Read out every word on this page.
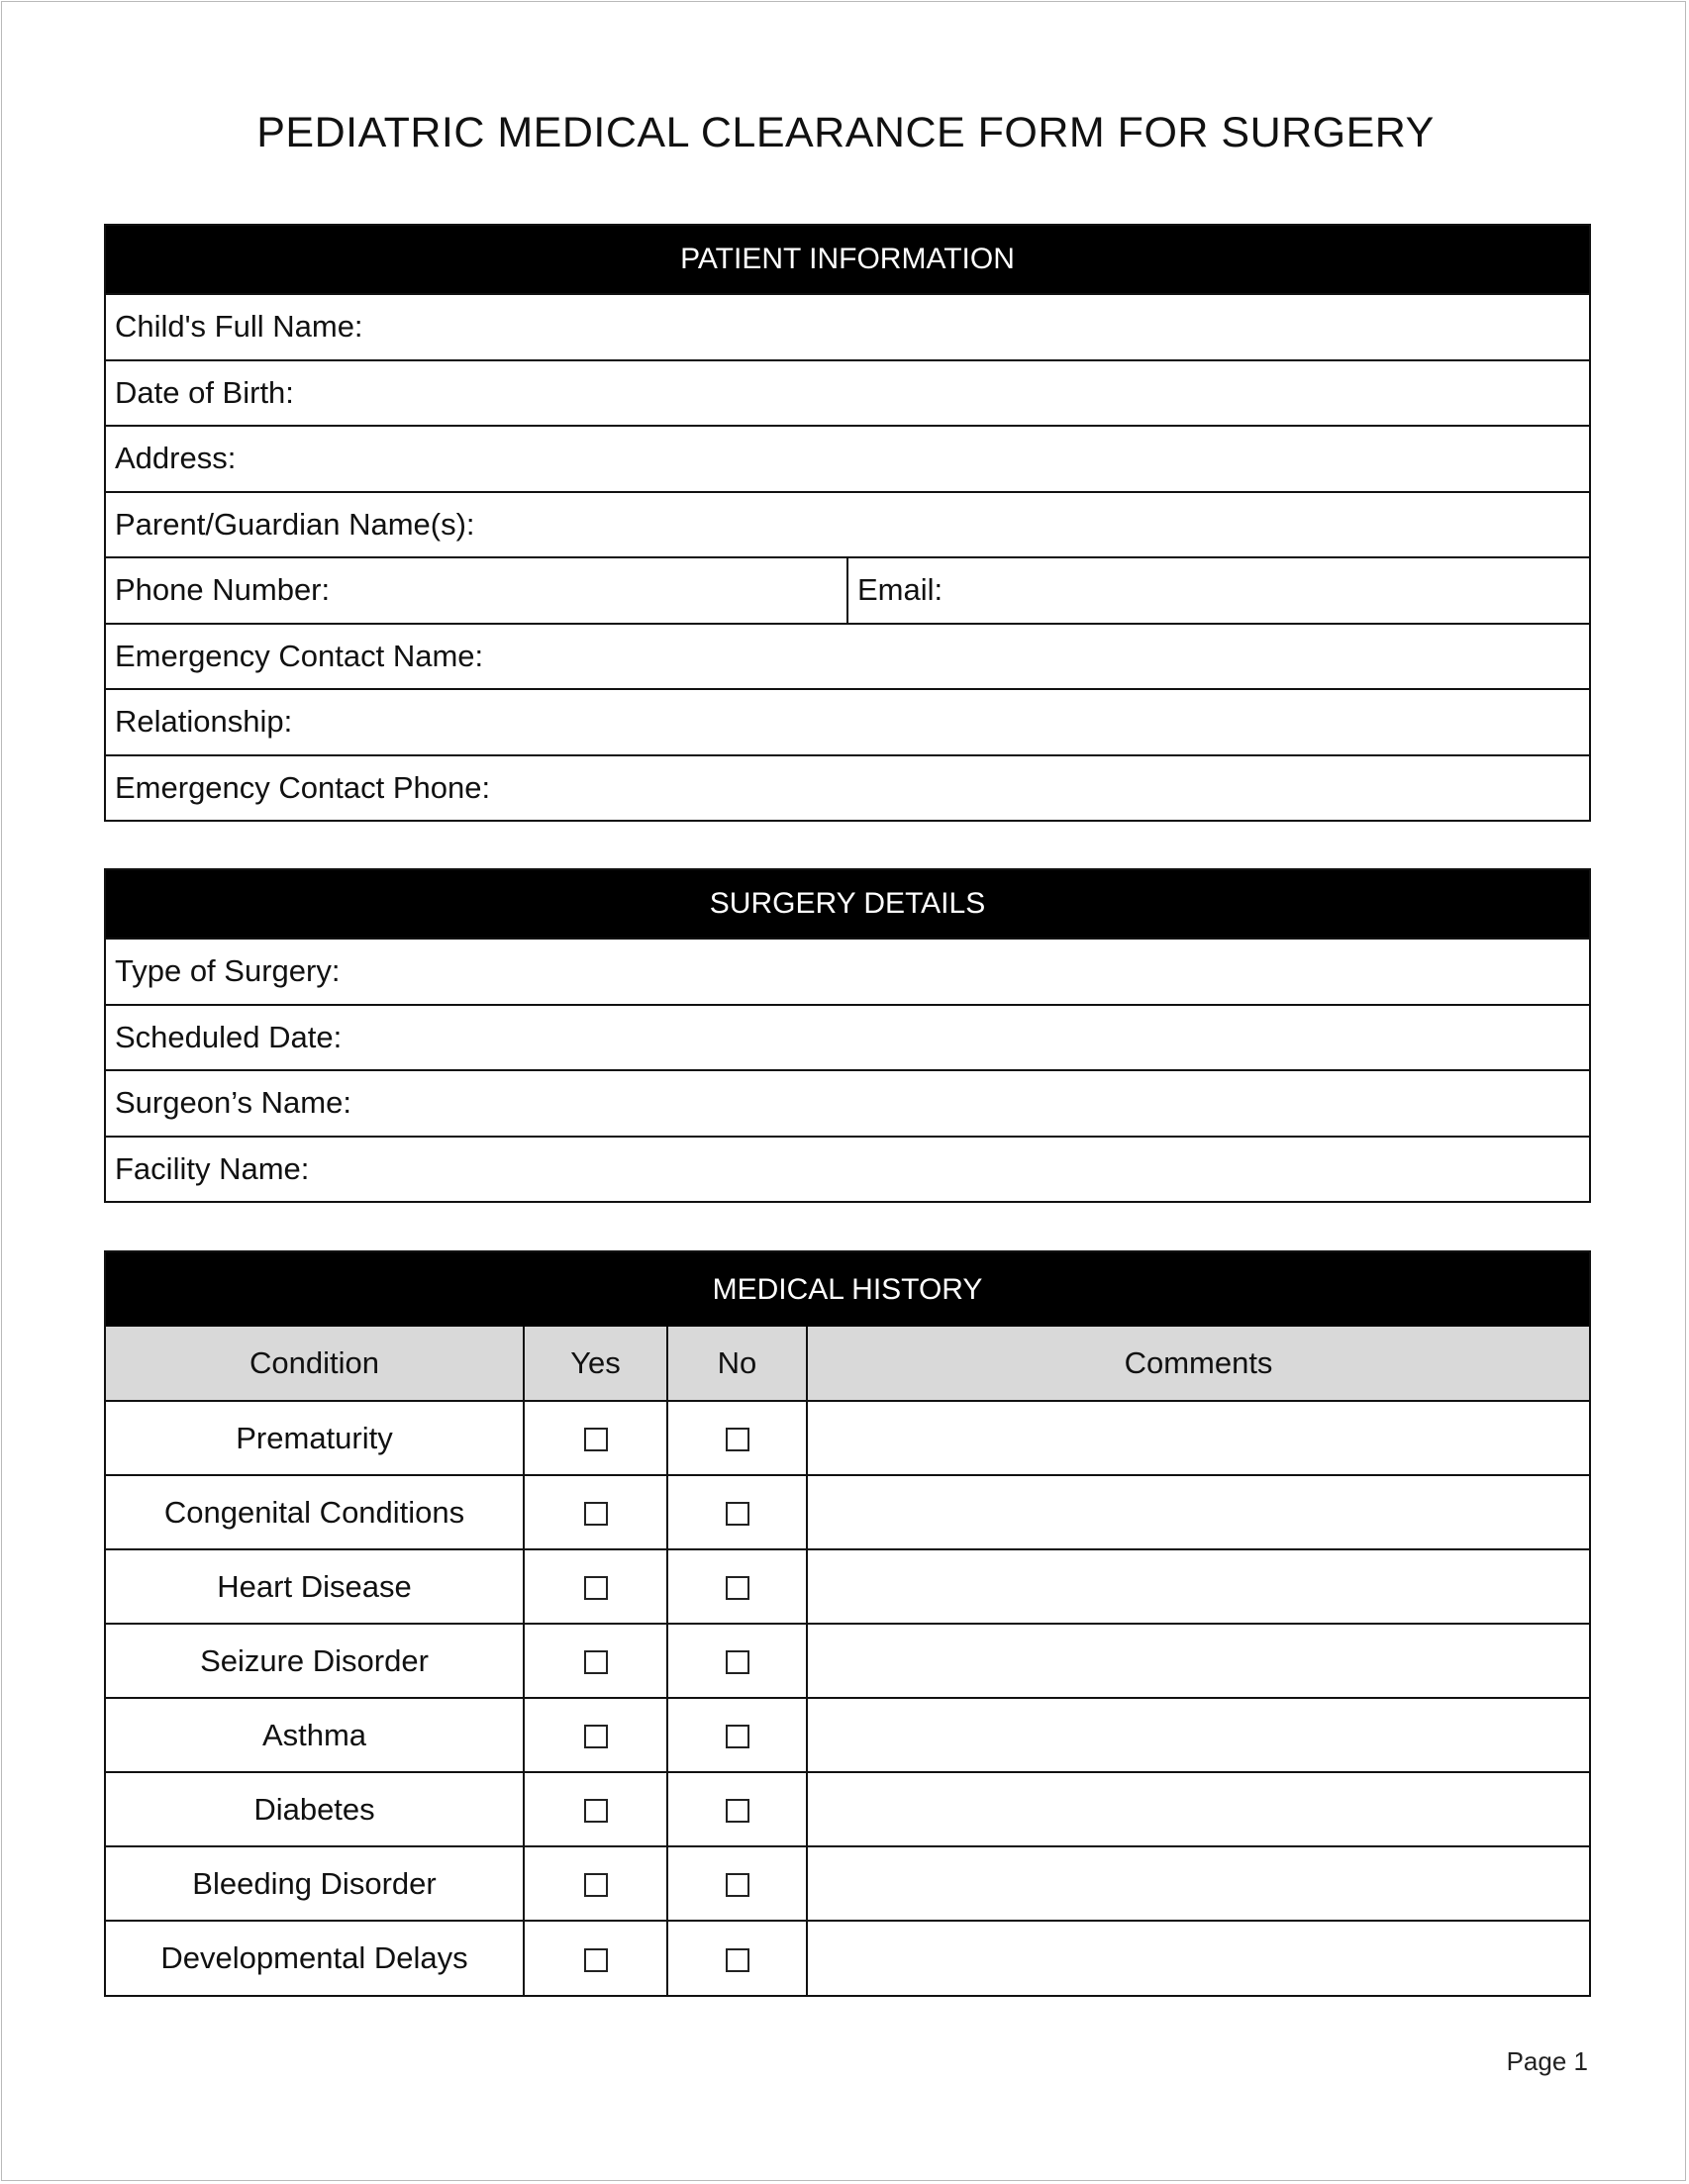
PEDIATRIC MEDICAL CLEARANCE FORM FOR SURGERY
PATIENT INFORMATION
Child's Full Name:
Date of Birth:
Address:
Parent/Guardian Name(s):
Phone Number:	Email:
Emergency Contact Name:
Relationship:
Emergency Contact Phone:
SURGERY DETAILS
Type of Surgery:
Scheduled Date:
Surgeon’s Name:
Facility Name:
MEDICAL HISTORY
Condition	Yes	No	Comments
Prematurity			
Congenital Conditions			
Heart Disease			
Seizure Disorder			
Asthma			
Diabetes			
Bleeding Disorder			
Developmental Delays			
Page 1
